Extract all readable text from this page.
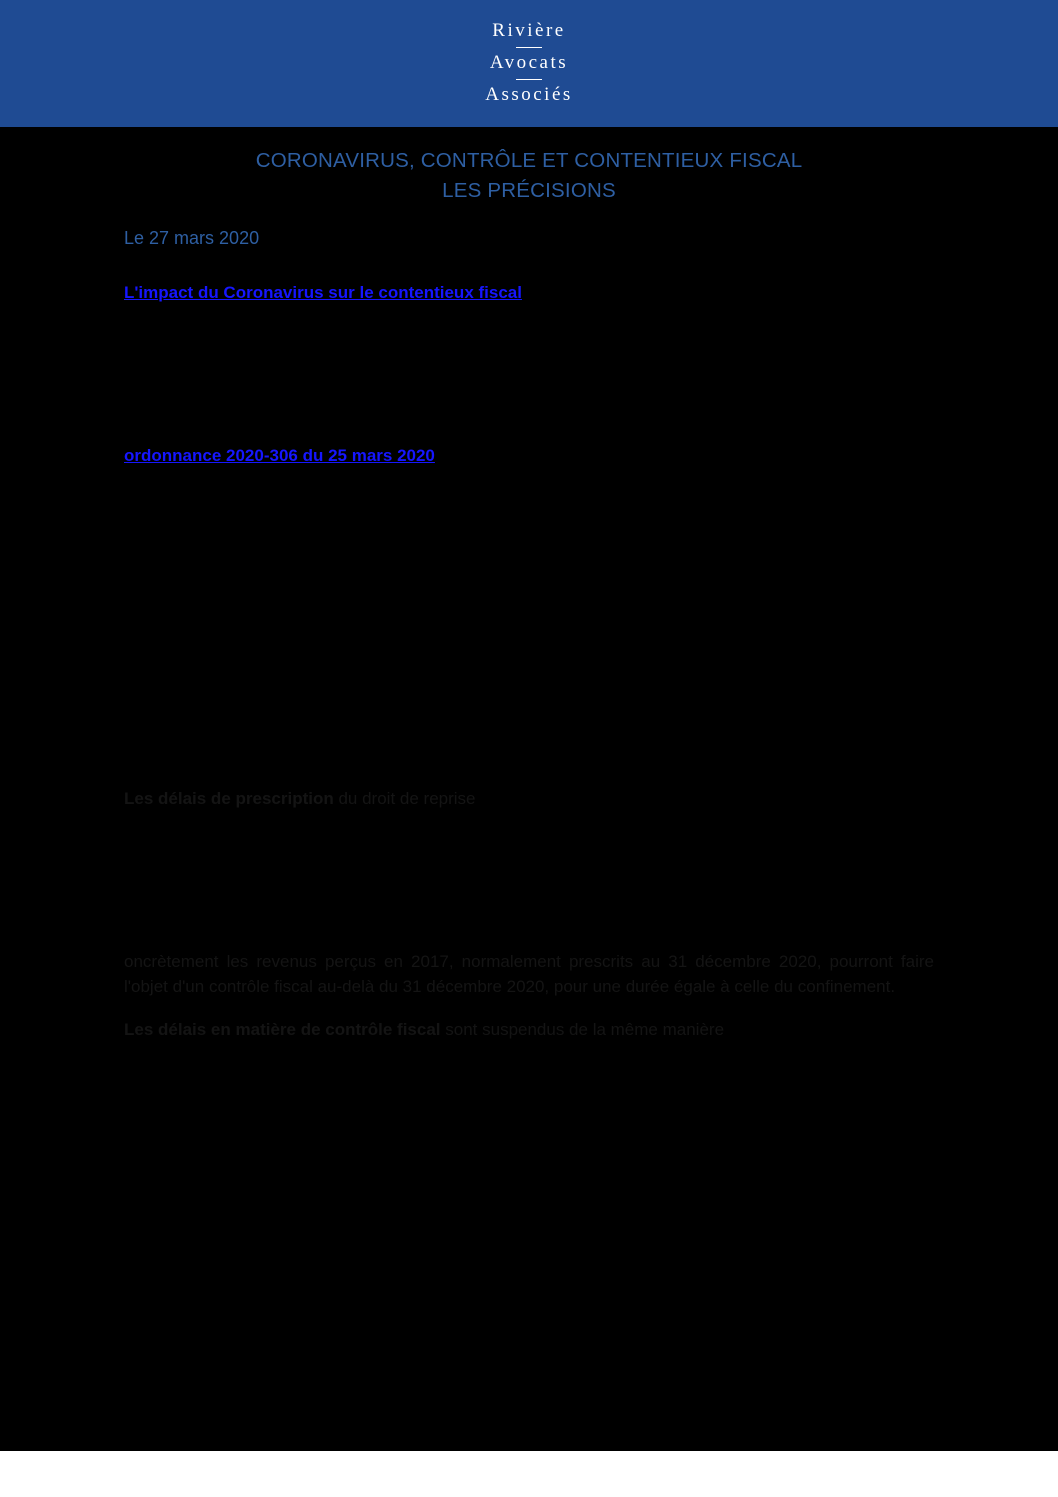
Rivière
Avocats
Associés
CORONAVIRUS, CONTRÔLE ET CONTENTIEUX FISCAL
LES PRÉCISIONS
Le 27 mars 2020

L'impact du Coronavirus sur le contentieux fiscal

ordonnance 2020-306 du 25 mars 2020

Les délais de prescription du droit de reprise

oncrètement les revenus perçus en 2017, normalement prescrits au 31 décembre 2020, pourront faire l'objet d'un contrôle fiscal au-delà du 31 décembre 2020, pour une durée égale à celle du confinement.

Les délais en matière de contrôle fiscal sont suspendus de la même manière
